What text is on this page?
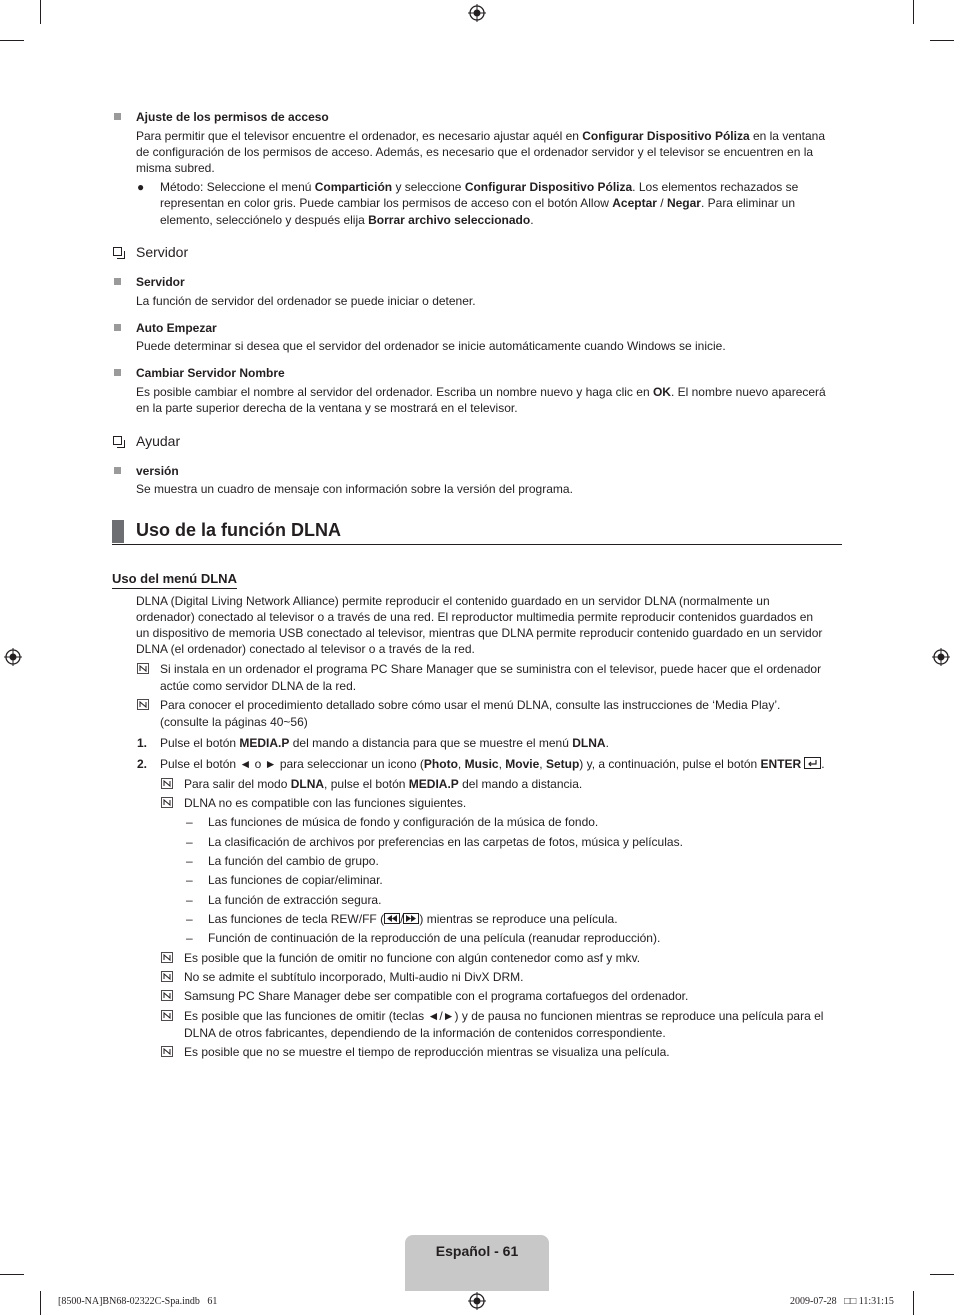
Ajuste de los permisos de acceso
Para permitir que el televisor encuentre el ordenador, es necesario ajustar aquél en Configurar Dispositivo Póliza en la ventana
de configuración de los permisos de acceso. Además, es necesario que el ordenador servidor y el televisor se encuentren en la
misma subred.
● Método: Seleccione el menú Compartición y seleccione Configurar Dispositivo Póliza. Los elementos rechazados se
representan en color gris. Puede cambiar los permisos de acceso con el botón Allow Aceptar / Negar. Para eliminar un
elemento, selecciónelo y después elija Borrar archivo seleccionado.
Servidor
Servidor
La función de servidor del ordenador se puede iniciar o detener.
Auto Empezar
Puede determinar si desea que el servidor del ordenador se inicie automáticamente cuando Windows se inicie.
Cambiar Servidor Nombre
Es posible cambiar el nombre al servidor del ordenador. Escriba un nombre nuevo y haga clic en OK. El nombre nuevo aparecerá
en la parte superior derecha de la ventana y se mostrará en el televisor.
Ayudar
versión
Se muestra un cuadro de mensaje con información sobre la versión del programa.
Uso de la función DLNA
Uso del menú DLNA
DLNA (Digital Living Network Alliance) permite reproducir el contenido guardado en un servidor DLNA (normalmente un
ordenador) conectado al televisor o a través de una red. El reproductor multimedia permite reproducir contenidos guardados en
un dispositivo de memoria USB conectado al televisor, mientras que DLNA permite reproducir contenido guardado en un servidor
DLNA (el ordenador) conectado al televisor o a través de la red.
Si instala en un ordenador el programa PC Share Manager que se suministra con el televisor, puede hacer que el ordenador
actúe como servidor DLNA de la red.
Para conocer el procedimiento detallado sobre cómo usar el menú DLNA, consulte las instrucciones de ‘Media Play’.
(consulte la páginas 40~56)
1. Pulse el botón MEDIA.P del mando a distancia para que se muestre el menú DLNA.
2. Pulse el botón ◄ o ► para seleccionar un icono (Photo, Music, Movie, Setup) y, a continuación, pulse el botón ENTER .
Para salir del modo DLNA, pulse el botón MEDIA.P del mando a distancia.
DLNA no es compatible con las funciones siguientes.
– Las funciones de música de fondo y configuración de la música de fondo.
– La clasificación de archivos por preferencias en las carpetas de fotos, música y películas.
– La función del cambio de grupo.
– Las funciones de copiar/eliminar.
– La función de extracción segura.
– Las funciones de tecla REW/FF ( / ) mientras se reproduce una película.
– Función de continuación de la reproducción de una película (reanudar reproducción).
Es posible que la función de omitir no funcione con algún contenedor como asf y mkv.
No se admite el subtítulo incorporado, Multi-audio ni DivX DRM.
Samsung PC Share Manager debe ser compatible con el programa cortafuegos del ordenador.
Es posible que las funciones de omitir (teclas ◄/►) y de pausa no funcionen mientras se reproduce una película para el
DLNA de otros fabricantes, dependiendo de la información de contenidos correspondiente.
Es posible que no se muestre el tiempo de reproducción mientras se visualiza una película.
Español - 61
[8500-NA]BN68-02322C-Spa.indb   61	2009-07-28   □□ 11:31:15
